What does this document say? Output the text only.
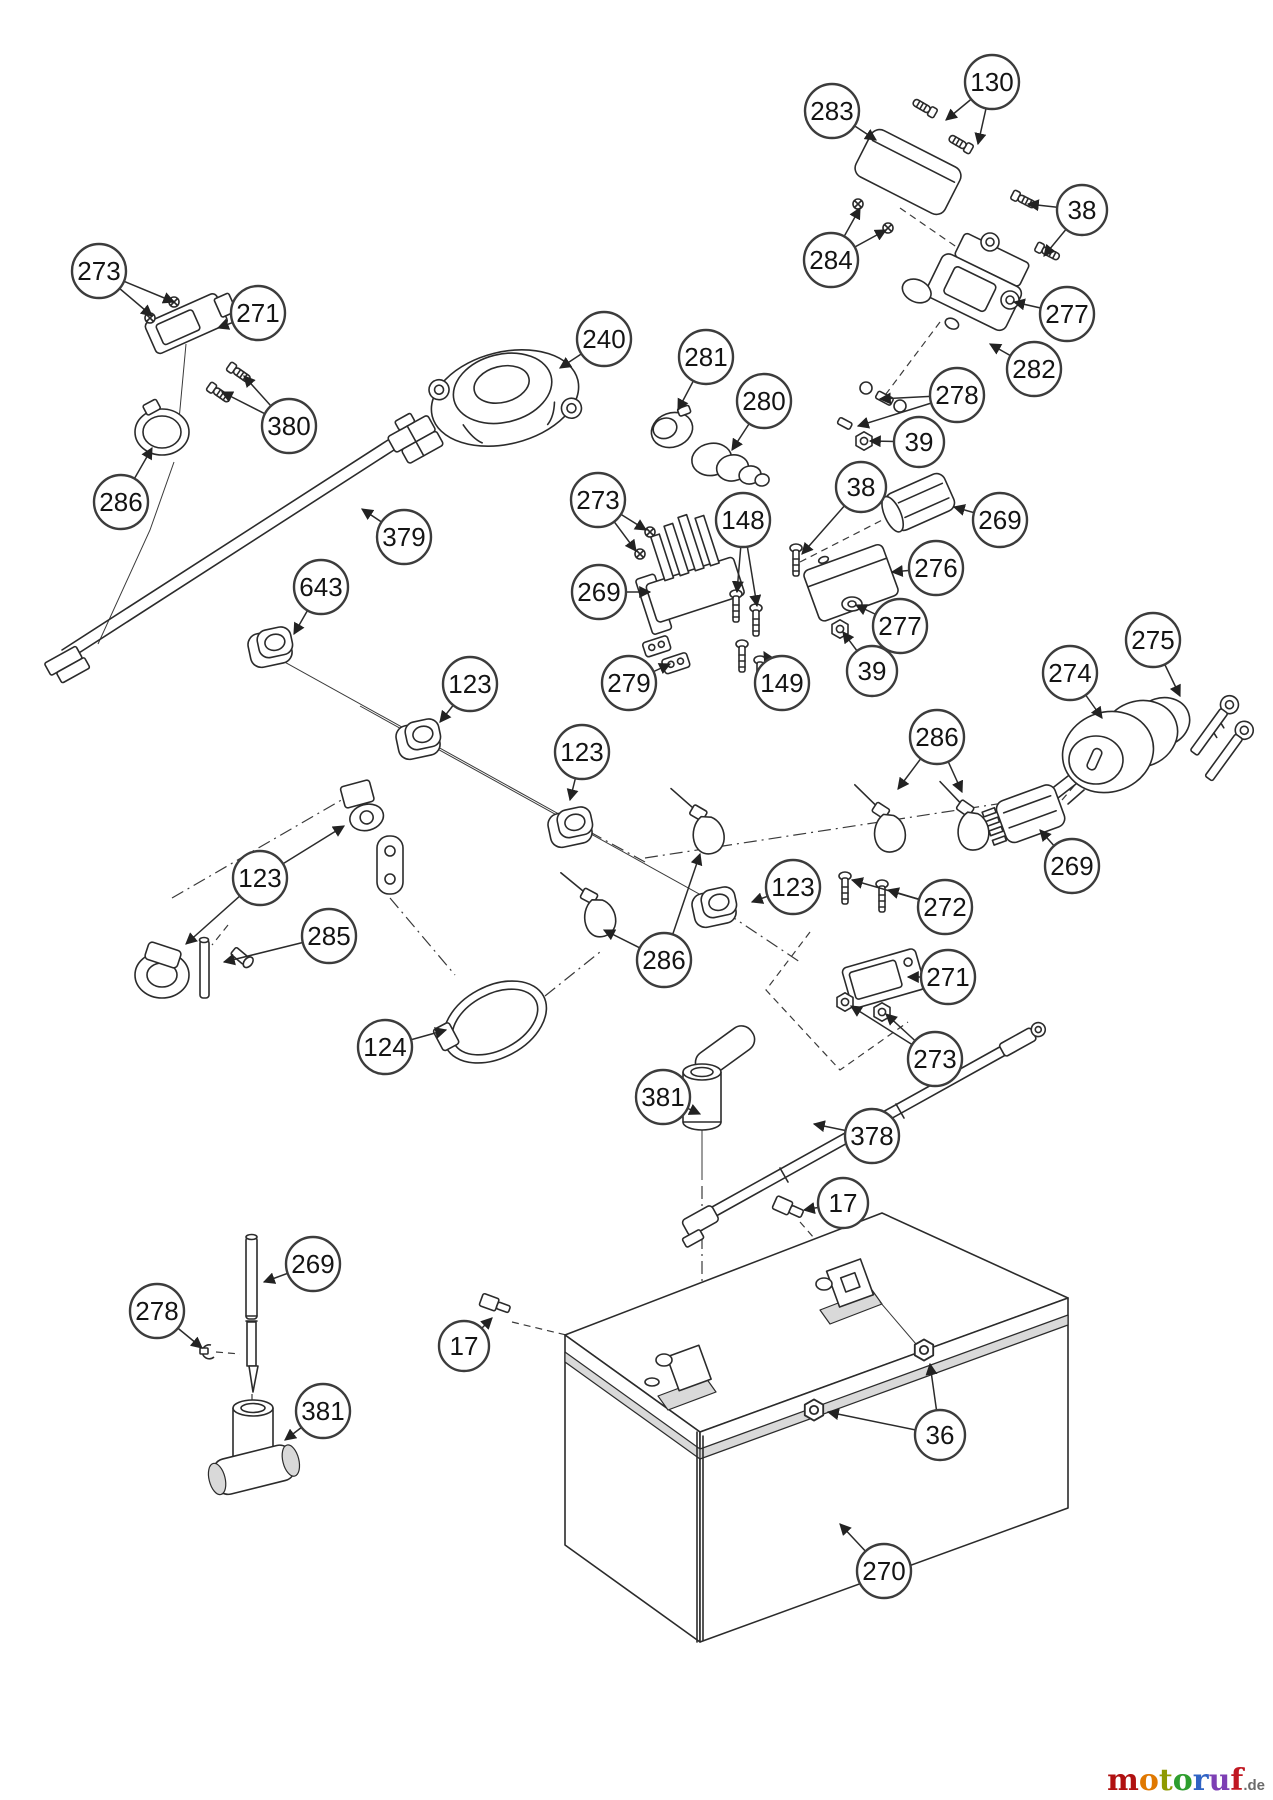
273
271
380
286
379
240
281
280
283
130
38
284
277
282
278
39
38
269
276
273
148
269
277
39
279	149
643
123
123
275
274
286
269
123
272
271
273
286
123
285
124
381
378
17
17
36
270
269
278
381
motoruf.de
